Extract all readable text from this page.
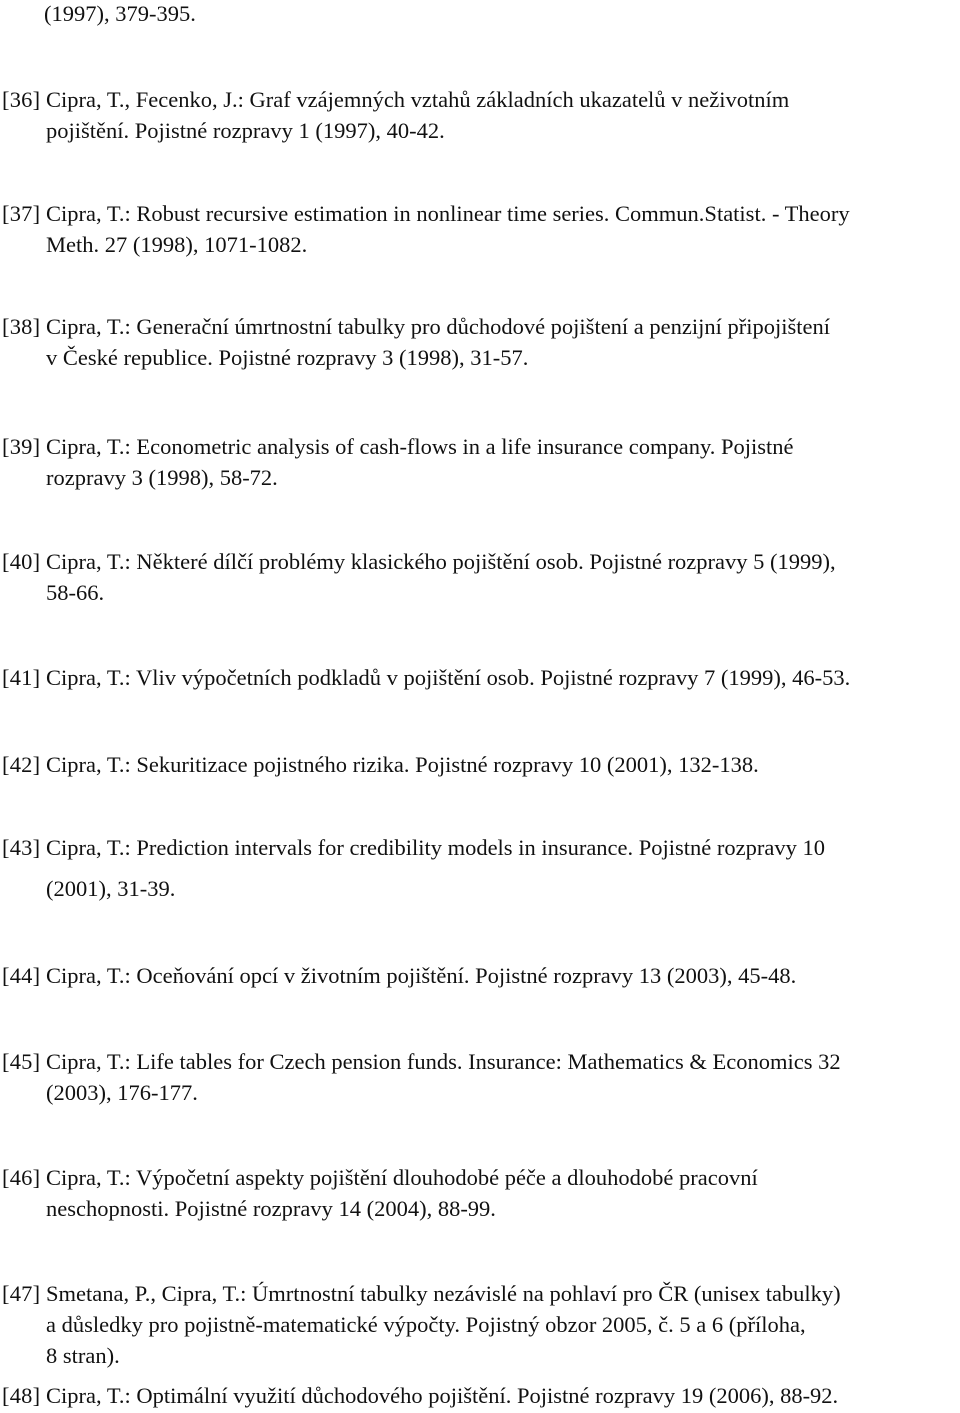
(1997), 379-395.
[36] Cipra, T., Fecenko, J.: Graf vzájemných vztahů základních ukazatelů v neživotním
pojištění. Pojistné rozpravy 1 (1997), 40-42.
[37] Cipra, T.: Robust recursive estimation in nonlinear time series. Commun.Statist. - Theory
Meth. 27 (1998), 1071-1082.
[38] Cipra, T.: Generační úmrtnostní tabulky pro důchodové pojištení a penzijní připojištení
v České republice. Pojistné rozpravy 3 (1998), 31-57.
[39] Cipra, T.: Econometric analysis of cash-flows in a life insurance company. Pojistné
rozpravy 3 (1998), 58-72.
[40] Cipra, T.: Některé dílčí problémy klasického pojištění osob. Pojistné rozpravy 5 (1999),
58-66.
[41] Cipra, T.: Vliv výpočetních podkladů v pojištění osob. Pojistné rozpravy 7 (1999), 46-53.
[42] Cipra, T.: Sekuritizace pojistného rizika. Pojistné rozpravy 10 (2001), 132-138.
[43] Cipra, T.: Prediction intervals for credibility models in insurance. Pojistné rozpravy 10
(2001), 31-39.
[44] Cipra, T.: Oceňování opcí v životním pojištění. Pojistné rozpravy 13 (2003), 45-48.
[45] Cipra, T.: Life tables for Czech pension funds. Insurance: Mathematics & Economics 32
(2003), 176-177.
[46] Cipra, T.: Výpočetní aspekty pojištění dlouhodobé péče a dlouhodobé pracovní
neschopnosti. Pojistné rozpravy 14 (2004), 88-99.
[47] Smetana, P., Cipra, T.: Úmrtnostní tabulky nezávislé na pohlaví pro ČR (unisex tabulky)
a důsledky pro pojistně-matematické výpočty. Pojistný obzor 2005, č. 5 a 6 (příloha,
8 stran).
[48] Cipra, T.: Optimální využití důchodového pojištění. Pojistné rozpravy 19 (2006), 88-92.
